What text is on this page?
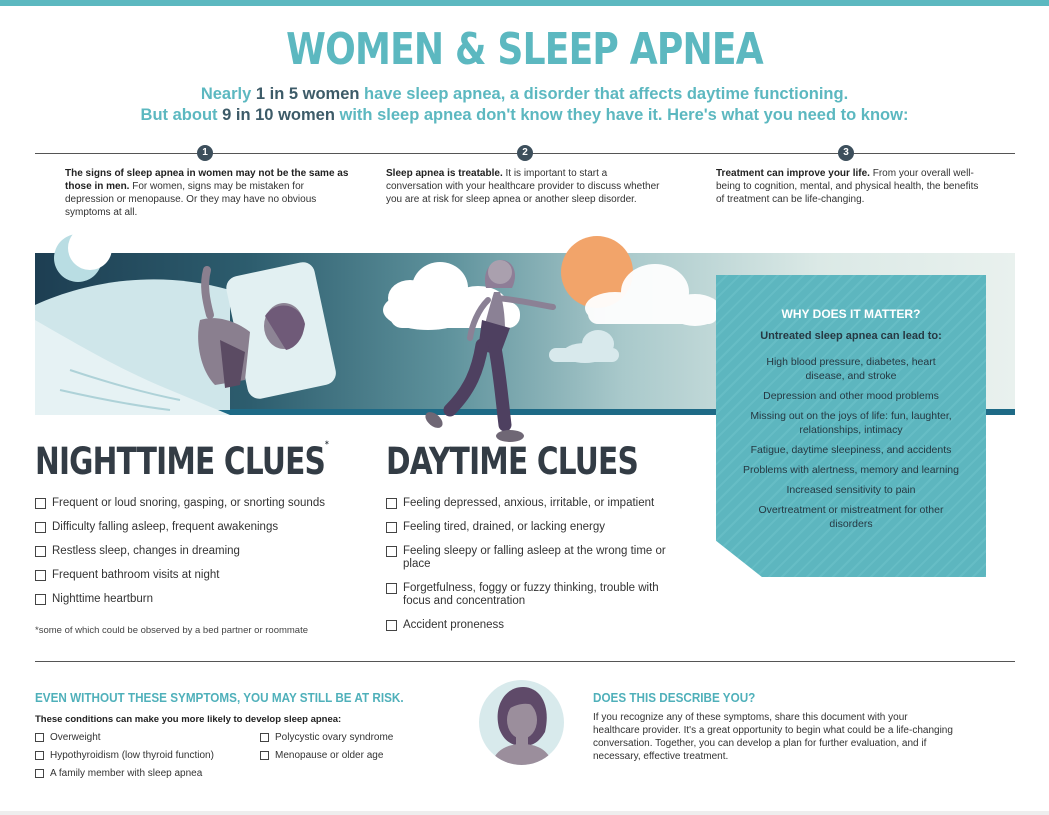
WOMEN & SLEEP APNEA

Nearly 1 in 5 women have sleep apnea, a disorder that affects daytime functioning.

But about 9 in 10 women with sleep apnea don't know they have it. Here's what you need to know:

1	2	3

The signs of sleep apnea in women may not be the same as those in men. For women, signs may be mistaken for depression or menopause. Or they may have no obvious symptoms at all.

Sleep apnea is treatable. It is important to start a conversation with your healthcare provider to discuss whether you are at risk for sleep apnea or another sleep disorder.

Treatment can improve your life. From your overall well-being to cognition, mental, and physical health, the benefits of treatment can be life-changing.

WHY DOES IT MATTER?

Untreated sleep apnea can lead to:

High blood pressure, diabetes, heart disease, and stroke
Depression and other mood problems
Missing out on the joys of life: fun, laughter, relationships, intimacy
Fatigue, daytime sleepiness, and accidents
Problems with alertness, memory and learning
Increased sensitivity to pain
Overtreatment or mistreatment for other disorders
NIGHTTIME CLUES*
Frequent or loud snoring, gasping, or snorting sounds
Difficulty falling asleep, frequent awakenings
Restless sleep, changes in dreaming
Frequent bathroom visits at night
Nighttime heartburn

*some of which could be observed by a bed partner or roommate

DAYTIME CLUES
Feeling depressed, anxious, irritable, or impatient
Feeling tired, drained, or lacking energy
Feeling sleepy or falling asleep at the wrong time or place
Forgetfulness, foggy or fuzzy thinking, trouble with focus and concentration
Accident proneness
EVEN WITHOUT THESE SYMPTOMS, YOU MAY STILL BE AT RISK.

These conditions can make you more likely to develop sleep apnea:

Overweight
Hypothyroidism (low thyroid function)
A family member with sleep apnea
Polycystic ovary syndrome
Menopause or older age
DOES THIS DESCRIBE YOU?

If you recognize any of these symptoms, share this document with your healthcare provider. It's a great opportunity to begin what could be a life-changing conversation. Together, you can develop a plan for further evaluation, and if necessary, effective treatment.
